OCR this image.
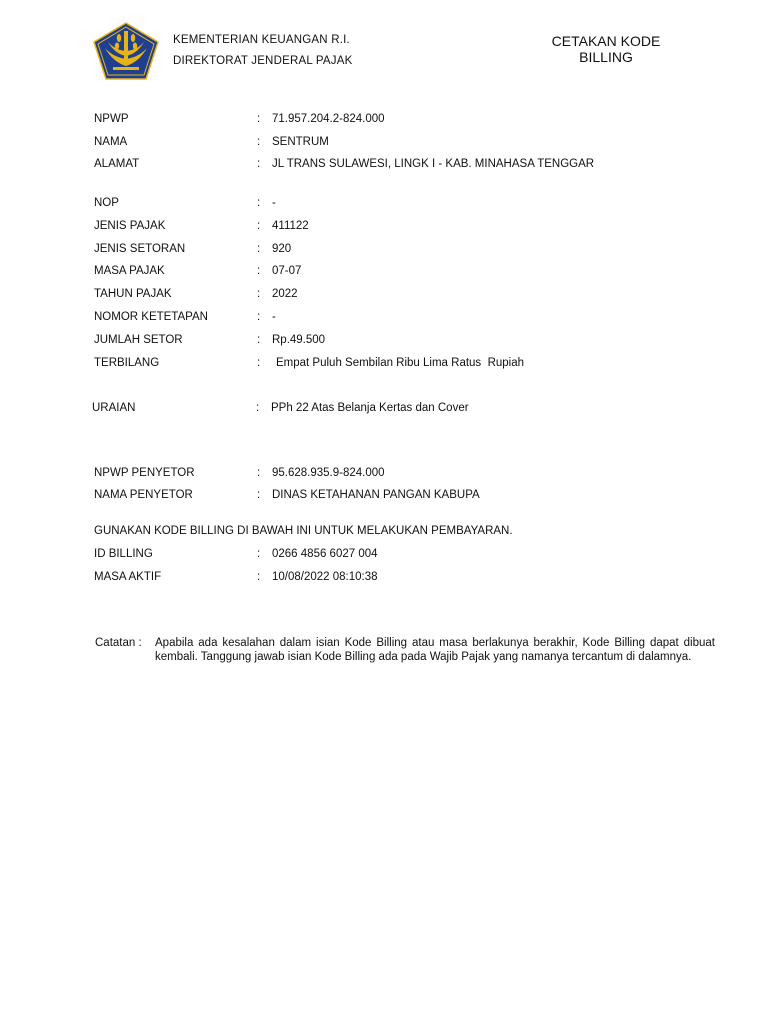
KEMENTERIAN KEUANGAN R.I.
DIREKTORAT JENDERAL PAJAK
CETAKAN KODE
BILLING
NPWP	: 71.957.204.2-824.000
NAMA	: SENTRUM
ALAMAT	: JL TRANS SULAWESI, LINGK I - KAB. MINAHASA TENGGAR
NOP	: -
JENIS PAJAK	: 411122
JENIS SETORAN	: 920
MASA PAJAK	: 07-07
TAHUN PAJAK	: 2022
NOMOR KETETAPAN	: -
JUMLAH SETOR	: Rp.49.500
TERBILANG	: Empat Puluh Sembilan Ribu Lima Ratus  Rupiah
URAIAN	: PPh 22 Atas Belanja Kertas dan Cover
NPWP PENYETOR	: 95.628.935.9-824.000
NAMA PENYETOR	: DINAS KETAHANAN PANGAN KABUPA
GUNAKAN KODE BILLING DI BAWAH INI UNTUK MELAKUKAN PEMBAYARAN.
ID BILLING	: 0266 4856 6027 004
MASA AKTIF	: 10/08/2022 08:10:38
Catatan : Apabila ada kesalahan dalam isian Kode Billing atau masa berlakunya berakhir, Kode Billing dapat dibuat kembali. Tanggung jawab isian Kode Billing ada pada Wajib Pajak yang namanya tercantum di dalamnya.
